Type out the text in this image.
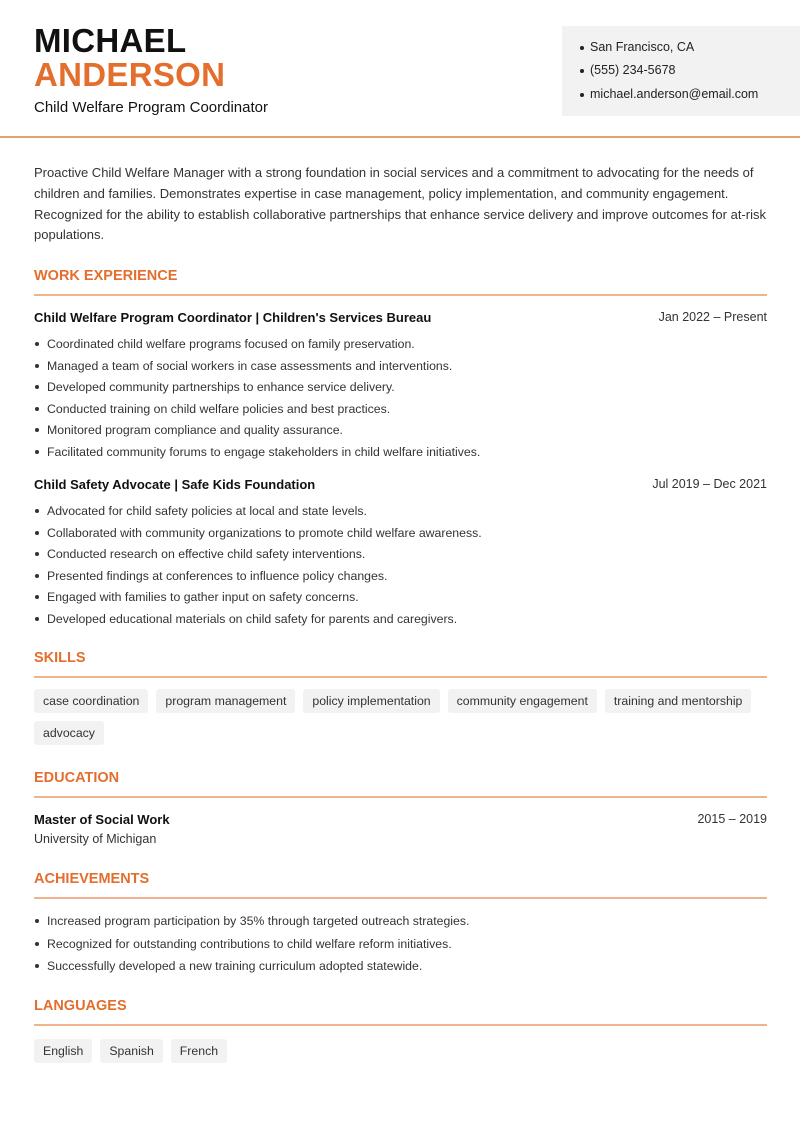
MICHAEL
ANDERSON
Child Welfare Program Coordinator
San Francisco, CA
(555) 234-5678
michael.anderson@email.com
Proactive Child Welfare Manager with a strong foundation in social services and a commitment to advocating for the needs of children and families. Demonstrates expertise in case management, policy implementation, and community engagement. Recognized for the ability to establish collaborative partnerships that enhance service delivery and improve outcomes for at-risk populations.
WORK EXPERIENCE
Child Welfare Program Coordinator | Children's Services Bureau	Jan 2022 – Present
Coordinated child welfare programs focused on family preservation.
Managed a team of social workers in case assessments and interventions.
Developed community partnerships to enhance service delivery.
Conducted training on child welfare policies and best practices.
Monitored program compliance and quality assurance.
Facilitated community forums to engage stakeholders in child welfare initiatives.
Child Safety Advocate | Safe Kids Foundation	Jul 2019 – Dec 2021
Advocated for child safety policies at local and state levels.
Collaborated with community organizations to promote child welfare awareness.
Conducted research on effective child safety interventions.
Presented findings at conferences to influence policy changes.
Engaged with families to gather input on safety concerns.
Developed educational materials on child safety for parents and caregivers.
SKILLS
case coordination	program management	policy implementation	community engagement	training and mentorship
advocacy
EDUCATION
Master of Social Work	2015 – 2019
University of Michigan
ACHIEVEMENTS
Increased program participation by 35% through targeted outreach strategies.
Recognized for outstanding contributions to child welfare reform initiatives.
Successfully developed a new training curriculum adopted statewide.
LANGUAGES
English	Spanish	French
